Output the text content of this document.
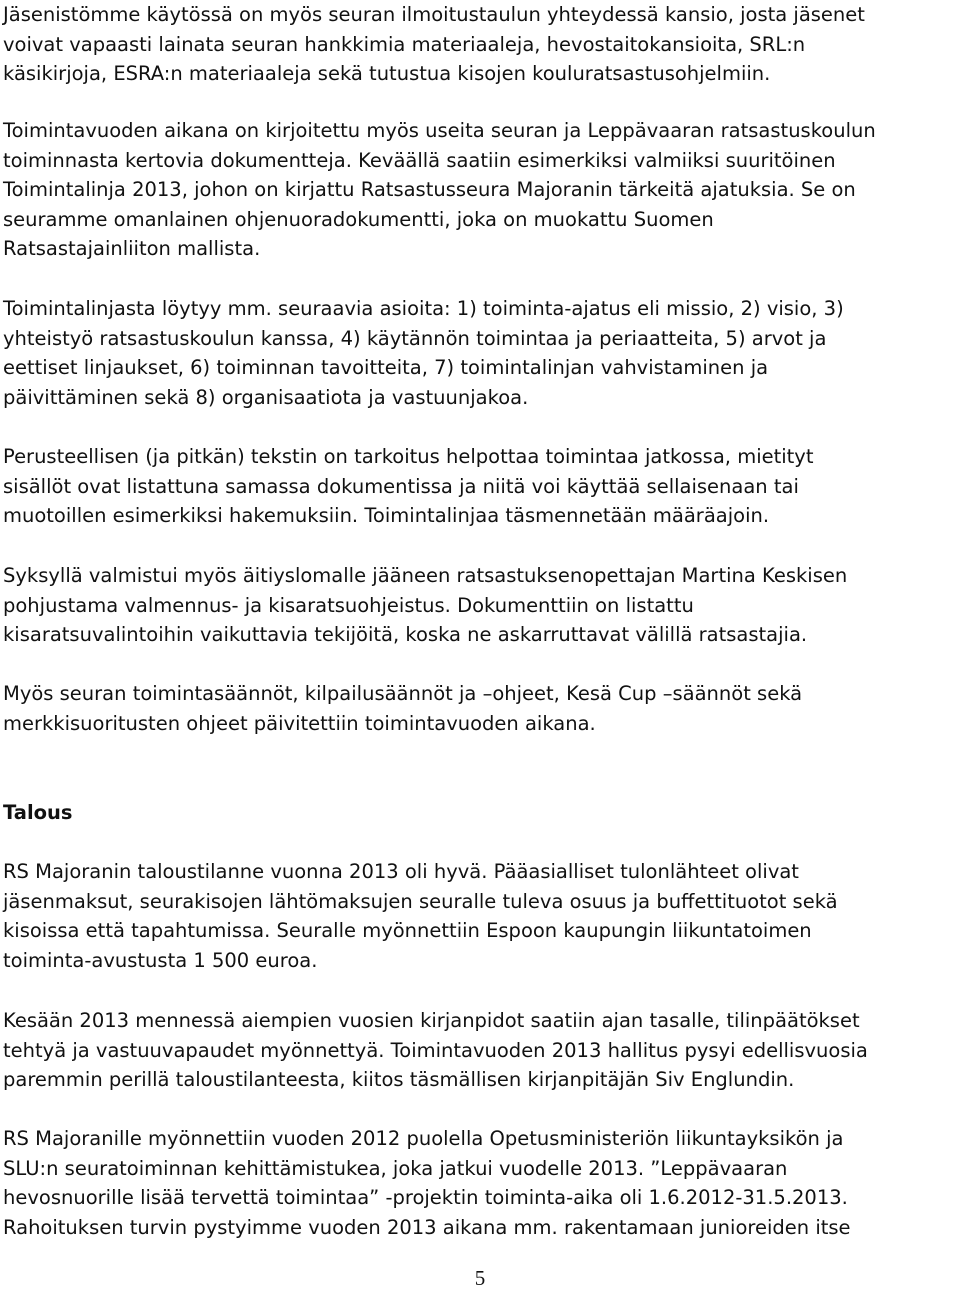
Jäsenistömme käytössä on myös seuran ilmoitustaulun yhteydessä kansio, josta jäsenet
voivat vapaasti lainata seuran hankkimia materiaaleja, hevostaitokansioita, SRL:n
käsikirjoja, ESRA:n materiaaleja sekä tutustua kisojen kouluratsastusohjelmiin.

Toimintavuoden aikana on kirjoitettu myös useita seuran ja Leppävaaran ratsastuskoulun
toiminnasta kertovia dokumentteja. Keväällä saatiin esimerkiksi valmiiksi suuritöinen
Toimintalinja 2013, johon on kirjattu Ratsastusseura Majoranin tärkeitä ajatuksia. Se on
seuramme omanlainen ohjenuoradokumentti, joka on muokattu Suomen
Ratsastajainliiton mallista.

Toimintalinjasta löytyy mm. seuraavia asioita: 1) toiminta-ajatus eli missio, 2) visio, 3)
yhteistyö ratsastuskoulun kanssa, 4) käytännön toimintaa ja periaatteita, 5) arvot ja
eettiset linjaukset, 6) toiminnan tavoitteita, 7) toimintalinjan vahvistaminen ja
päivittäminen sekä 8) organisaatiota ja vastuunjakoa.

Perusteellisen (ja pitkän) tekstin on tarkoitus helpottaa toimintaa jatkossa, mietityt
sisällöt ovat listattuna samassa dokumentissa ja niitä voi käyttää sellaisenaan tai
muotoillen esimerkiksi hakemuksiin. Toimintalinjaa täsmennetään määräajoin.

Syksyllä valmistui myös äitiyslomalle jääneen ratsastuksenopettajan Martina Keskisen
pohjustama valmennus- ja kisaratsuohjeistus. Dokumenttiin on listattu
kisaratsuvalintoihin vaikuttavia tekijöitä, koska ne askarruttavat välillä ratsastajia.

Myös seuran toimintasäännöt, kilpailusäännöt ja –ohjeet, Kesä Cup –säännöt sekä
merkkisuoritusten ohjeet päivitettiin toimintavuoden aikana.

Talous

RS Majoranin taloustilanne vuonna 2013 oli hyvä. Pääasialliset tulonlähteet olivat
jäsenmaksut, seurakisojen lähtömaksujen seuralle tuleva osuus ja buffettituotot sekä
kisoissa että tapahtumissa. Seuralle myönnettiin Espoon kaupungin liikuntatoimen
toiminta-avustusta 1 500 euroa.

Kesään 2013 mennessä aiempien vuosien kirjanpidot saatiin ajan tasalle, tilinpäätökset
tehtyä ja vastuuvapaudet myönnettyä. Toimintavuoden 2013 hallitus pysyi edellisvuosia
paremmin perillä taloustilanteesta, kiitos täsmällisen kirjanpitäjän Siv Englundin.

RS Majoranille myönnettiin vuoden 2012 puolella Opetusministeriön liikuntayksikön ja
SLU:n seuratoiminnan kehittämistukea, joka jatkui vuodelle 2013. ”Leppävaaran
hevosnuorille lisää tervettä toimintaa” -projektin toiminta-aika oli 1.6.2012-31.5.2013.
Rahoituksen turvin pystyimme vuoden 2013 aikana mm. rakentamaan junioreiden itse

5
